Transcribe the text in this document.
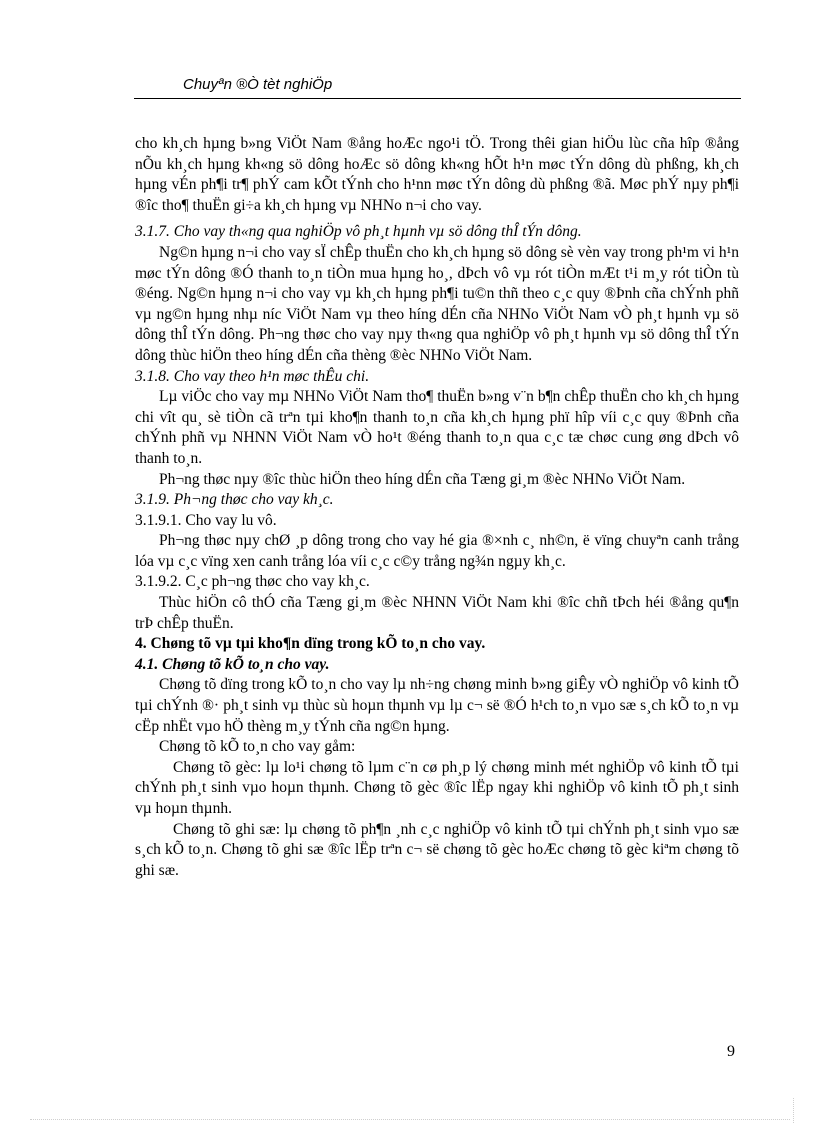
Chuyªn ®Ò tèt nghiÖp

cho kh¸ch hµng b»ng ViÖt Nam ®ång hoÆc ngo¹i tÖ. Trong thêi gian hiÖu lùc cña hîp ®ång nÕu kh¸ch hµng kh«ng sö dông hoÆc sö dông kh«ng hÕt h¹n møc tÝn dông dù phßng, kh¸ch hµng vÉn ph¶i tr¶ phÝ cam kÕt tÝnh cho h¹nn møc tÝn dông dù phßng ®ã. Møc phÝ nµy ph¶i ®îc tho¶ thuËn gi÷a kh¸ch hµng vµ NHNo n¬i cho vay.

3.1.7. Cho vay th«ng qua nghiÖp vô ph¸t hµnh vµ sö dông thÎ tÝn dông.

Ng©n hµng n¬i cho vay sÏ chÊp thuËn cho kh¸ch hµng sö dông sè vèn vay trong ph¹m vi h¹n møc tÝn dông ®Ó thanh to¸n tiÒn mua hµng ho¸, dÞch vô vµ rót tiÒn mÆt t¹i m¸y rót tiÒn tù ®éng. Ng©n hµng n¬i cho vay vµ kh¸ch hµng ph¶i tu©n thñ theo c¸c quy ®Þnh cña chÝnh phñ vµ ng©n hµng nhµ níc ViÖt Nam vµ theo híng dÉn cña NHNo ViÖt Nam vÒ ph¸t hµnh vµ sö dông thÎ tÝn dông. Ph¬ng thøc cho vay nµy th«ng qua nghiÖp vô ph¸t hµnh vµ sö dông thÎ tÝn dông thùc hiÖn theo híng dÉn cña thèng ®èc NHNo ViÖt Nam.

3.1.8. Cho vay theo h¹n møc thÊu chi.

Lµ viÖc cho vay mµ NHNo ViÖt Nam tho¶ thuËn b»ng v¨n b¶n chÊp thuËn cho kh¸ch hµng chi vît qu¸ sè tiÒn cã trªn tµi kho¶n thanh to¸n cña kh¸ch hµng phï hîp víi c¸c quy ®Þnh cña chÝnh phñ vµ NHNN ViÖt Nam vÒ ho¹t ®éng thanh to¸n qua c¸c tæ chøc cung øng dÞch vô thanh to¸n.

Ph¬ng thøc nµy ®îc thùc hiÖn theo híng dÉn cña Tæng gi¸m ®èc NHNo ViÖt Nam.

3.1.9. Ph¬ng thøc cho vay kh¸c.

3.1.9.1. Cho vay lu vô.

Ph¬ng thøc nµy chØ ¸p dông trong cho vay hé gia ®×nh c¸ nh©n, ë vïng chuyªn canh trång lóa vµ c¸c vïng xen canh trång lóa víi c¸c c©y trång ng¾n ngµy kh¸c.

3.1.9.2. C¸c ph¬ng thøc cho vay kh¸c.

Thùc hiÖn cô thÓ cña Tæng gi¸m ®èc NHNN ViÖt Nam khi ®îc chñ tÞch héi ®ång qu¶n trÞ chÊp thuËn.

4. Chøng tõ vµ tµi kho¶n dïng trong kÕ to¸n cho vay.

4.1. Chøng tõ kÕ to¸n cho vay.

Chøng tõ dïng trong kÕ to¸n cho vay lµ nh÷ng chøng minh b»ng giÊy vÒ nghiÖp vô kinh tÕ tµi chÝnh ®· ph¸t sinh vµ thùc sù hoµn thµnh vµ lµ c¬ së ®Ó h¹ch to¸n vµo sæ s¸ch kÕ to¸n vµ cËp nhËt vµo hÖ thèng m¸y tÝnh cña ng©n hµng.

Chøng tõ kÕ to¸n cho vay gåm:

Chøng tõ gèc: lµ lo¹i chøng tõ lµm c¨n cø ph¸p lý chøng minh mét nghiÖp vô kinh tÕ tµi chÝnh ph¸t sinh vµo hoµn thµnh. Chøng tõ gèc ®îc lËp ngay khi nghiÖp vô kinh tÕ ph¸t sinh vµ hoµn thµnh.

Chøng tõ ghi sæ: lµ chøng tõ ph¶n ¸nh c¸c nghiÖp vô kinh tÕ tµi chÝnh ph¸t sinh vµo sæ s¸ch kÕ to¸n. Chøng tõ ghi sæ ®îc lËp trªn c¬ së chøng tõ gèc hoÆc chøng tõ gèc kiªm chøng tõ ghi sæ.

9
